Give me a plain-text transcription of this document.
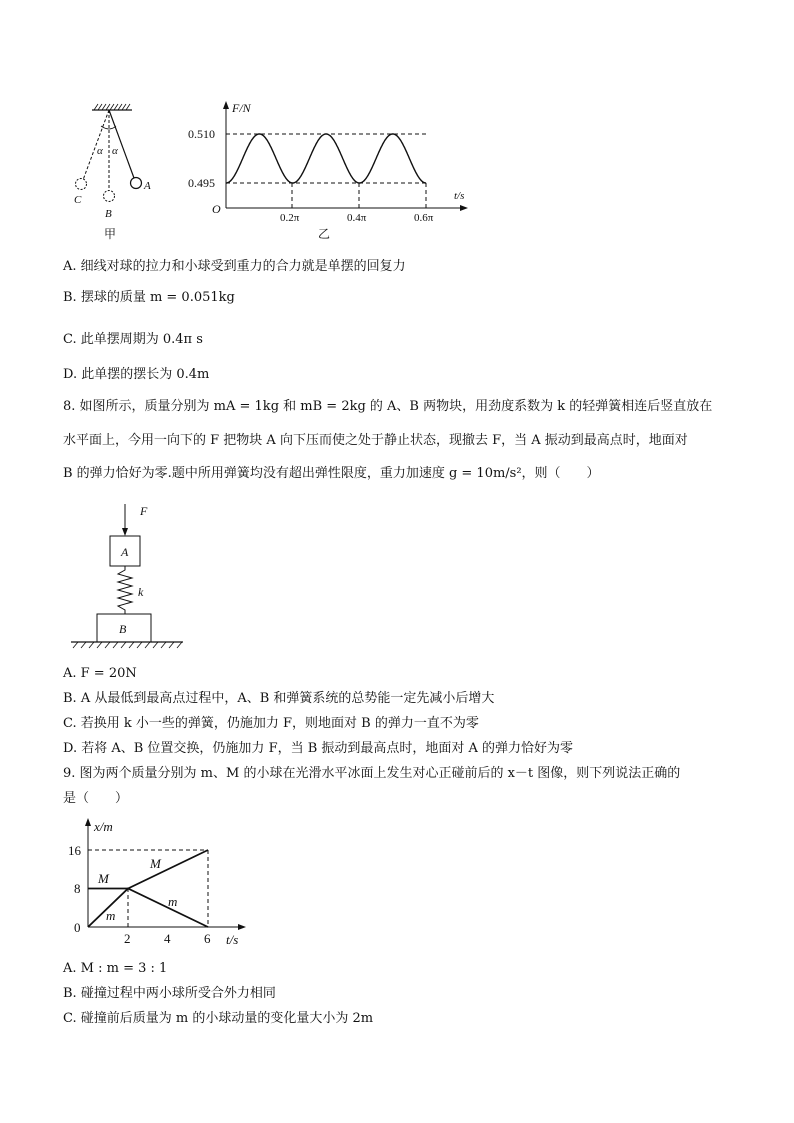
α α
C
B
A
甲
F/N
t/s
O
0.510
0.495
0.2π	0.4π	0.6π
乙
A. 细线对球的拉力和小球受到重力的合力就是单摆的回复力
B. 摆球的质量 m = 0.051kg
C. 此单摆周期为 0.4π s
D. 此单摆的摆长为 0.4m
8. 如图所示，质量分别为 mA = 1kg 和 mB = 2kg 的 A、B 两物块，用劲度系数为 k 的轻弹簧相连后竖直放在
水平面上，今用一向下的 F 把物块 A 向下压而使之处于静止状态，现撤去 F，当 A 振动到最高点时，地面对
B 的弹力恰好为零.题中所用弹簧均没有超出弹性限度，重力加速度 g = 10m/s²，则（　　）
F
A
k
B
A. F = 20N
B. A 从最低到最高点过程中，A、B 和弹簧系统的总势能一定先减小后增大
C. 若换用 k 小一些的弹簧，仍施加力 F，则地面对 B 的弹力一直不为零
D. 若将 A、B 位置交换，仍施加力 F，当 B 振动到最高点时，地面对 A 的弹力恰好为零
9. 图为两个质量分别为 m、M 的小球在光滑水平冰面上发生对心正碰前后的 x－t 图像，则下列说法正确的
是（　　）
x/m
t/s
16
8
0
2	4	6
M
M
m
m
A. M : m = 3 : 1
B. 碰撞过程中两小球所受合外力相同
C. 碰撞前后质量为 m 的小球动量的变化量大小为 2m
